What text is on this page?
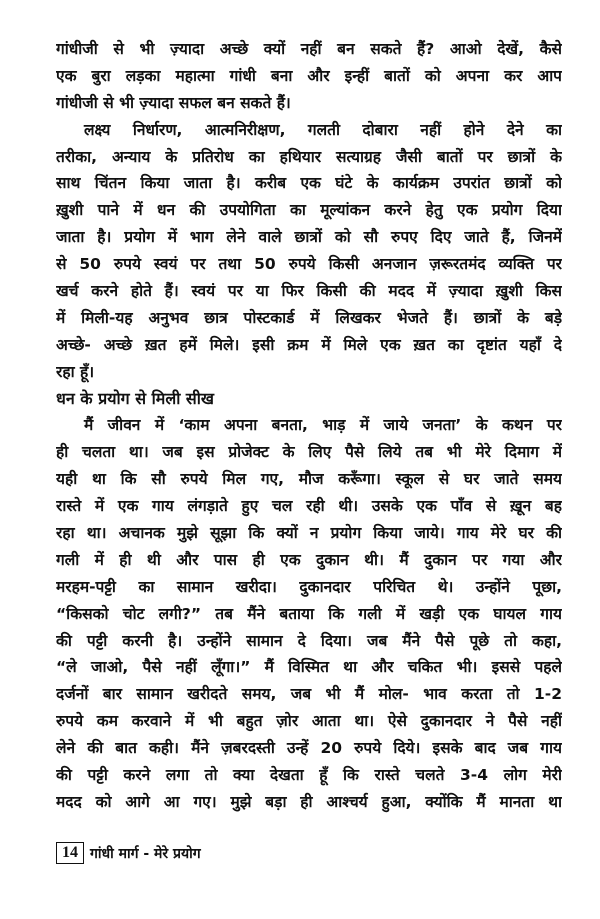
गांधीजी से भी ज़्यादा अच्छे क्यों नहीं बन सकते हैं? आओ देखें, कैसे
एक बुरा लड़का महात्मा गांधी बना और इन्हीं बातों को अपना कर आप
गांधीजी से भी ज़्यादा सफल बन सकते हैं।
लक्ष्य निर्धारण, आत्मनिरीक्षण, गलती दोबारा नहीं होने देने का
तरीका, अन्याय के प्रतिरोध का हथियार सत्याग्रह जैसी बातों पर छात्रों के
साथ चिंतन किया जाता है। करीब एक घंटे के कार्यक्रम उपरांत छात्रों को
ख़ुशी पाने में धन की उपयोगिता का मूल्यांकन करने हेतु एक प्रयोग दिया
जाता है। प्रयोग में भाग लेने वाले छात्रों को सौ रुपए दिए जाते हैं, जिनमें
से 50 रुपये स्वयं पर तथा 50 रुपये किसी अनजान ज़रूरतमंद व्यक्ति पर
खर्च करने होते हैं। स्वयं पर या फिर किसी की मदद में ज़्यादा ख़ुशी किस
में मिली-यह अनुभव छात्र पोस्टकार्ड में लिखकर भेजते हैं। छात्रों के बड़े
अच्छे- अच्छे ख़त हमें मिले। इसी क्रम में मिले एक ख़त का दृष्टांत यहाँ दे
रहा हूँ।
धन के प्रयोग से मिली सीख
मैं जीवन में ‘काम अपना बनता, भाड़ में जाये जनता’ के कथन पर
ही चलता था। जब इस प्रोजेक्ट के लिए पैसे लिये तब भी मेरे दिमाग में
यही था कि सौ रुपये मिल गए, मौज करूँगा। स्कूल से घर जाते समय
रास्ते में एक गाय लंगड़ाते हुए चल रही थी। उसके एक पाँव से ख़ून बह
रहा था। अचानक मुझे सूझा कि क्यों न प्रयोग किया जाये। गाय मेरे घर की
गली में ही थी और पास ही एक दुकान थी। मैं दुकान पर गया और
मरहम-पट्टी का सामान खरीदा। दुकानदार परिचित थे। उन्होंने पूछा,
“किसको चोट लगी?” तब मैंने बताया कि गली में खड़ी एक घायल गाय
की पट्टी करनी है। उन्होंने सामान दे दिया। जब मैंने पैसे पूछे तो कहा,
“ले जाओ, पैसे नहीं लूँगा।” मैं विस्मित था और चकित भी। इससे पहले
दर्जनों बार सामान खरीदते समय, जब भी मैं मोल- भाव करता तो 1-2
रुपये कम करवाने में भी बहुत ज़ोर आता था। ऐसे दुकानदार ने पैसे नहीं
लेने की बात कही। मैंने ज़बरदस्ती उन्हें 20 रुपये दिये। इसके बाद जब गाय
की पट्टी करने लगा तो क्या देखता हूँ कि रास्ते चलते 3-4 लोग मेरी
मदद को आगे आ गए। मुझे बड़ा ही आश्चर्य हुआ, क्योंकि मैं मानता था
14 गांधी मार्ग - मेरे प्रयोग
